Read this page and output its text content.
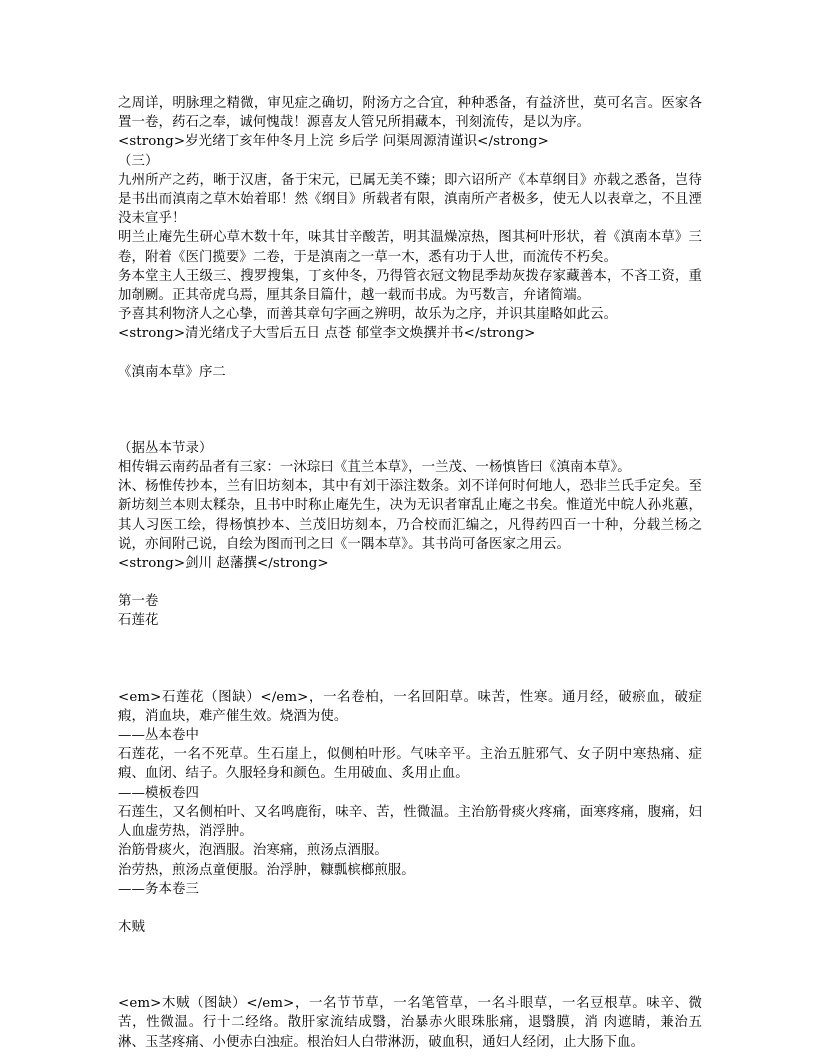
之周详，明脉理之精微，审见症之确切，附汤方之合宜，种种悉备，有益济世，莫可名言。医家各置一卷，药石之奉，诚何愧哉！源喜友人管兄所捐藏本，刊刻流传，是以为序。

<strong>岁光绪丁亥年仲冬月上浣 乡后学 问渠周源清谨识</strong>

（三）

九州所产之药，晰于汉唐，备于宋元，已属无美不臻；即六诏所产《本草纲目》亦载之悉备，岂待是书出而滇南之草木始着耶！然《纲目》所载者有限，滇南所产者极多，使无人以表章之，不且湮没未宣乎！

明兰止庵先生研心草木数十年，味其甘辛酸苦，明其温燥凉热，图其柯叶形状，着《滇南本草》三卷，附着《医门揽要》二卷，于是滇南之一草一木，悉有功于人世，而流传不朽矣。

务本堂主人王级三、搜罗搜集，丁亥仲冬，乃得管衣冠文物昆季劫灰拨存家藏善本，不吝工资，重加剞劂。正其帝虎乌焉，厘其条目篇什，越一载而书成。为丐数言，弁诸简端。

予喜其利物济人之心挚，而善其章句字画之辨明，故乐为之序，并识其崖略如此云。

<strong>清光绪戊子大雪后五日 点苍 郁堂李文焕撰并书</strong>

《滇南本草》序二

（据丛本节录）

相传辑云南药品者有三家：一沐琮曰《苴兰本草》，一兰茂、一杨慎皆曰《滇南本草》。

沐、杨惟传抄本，兰有旧坊刻本，其中有刘干添注数条。刘不详何时何地人，恐非兰氏手定矣。至新坊刻兰本则太糅杂，且书中时称止庵先生，决为无识者窜乱止庵之书矣。惟道光中皖人孙兆蕙，其人习医工绘，得杨慎抄本、兰茂旧坊刻本，乃合校而汇编之，凡得药四百一十种，分载兰杨之说，亦间附己说，自绘为图而刊之曰《一隅本草》。其书尚可备医家之用云。

<strong>剑川 赵藩撰</strong>

第一卷

石莲花

<em>石莲花（图缺）</em>，一名卷柏，一名回阳草。味苦，性寒。通月经，破瘀血，破症瘕，消血块，难产催生效。烧酒为使。

——丛本卷中

石莲花，一名不死草。生石崖上，似侧柏叶形。气味辛平。主治五脏邪气、女子阴中寒热痛、症瘕、血闭、结子。久服轻身和颜色。生用破血、炙用止血。

——模板卷四

石莲生，又名侧柏叶、又名鸣鹿衔，味辛、苦，性微温。主治筋骨痰火疼痛，面寒疼痛，腹痛，妇人血虚劳热，消浮肿。

治筋骨痰火，泡酒服。治寒痛，煎汤点酒服。

治劳热，煎汤点童便服。治浮肿，糠瓢槟榔煎服。

——务本卷三

木贼

<em>木贼（图缺）</em>，一名节节草，一名笔管草，一名斗眼草，一名豆根草。味辛、微苦，性微温。行十二经络。散肝家流结成翳，治暴赤火眼珠胀痛，退翳膜，消 肉遮睛，兼治五淋、玉茎疼痛、小便赤白浊症。根治妇人白带淋沥，破血积，通妇人经闭，止大肠下血。
